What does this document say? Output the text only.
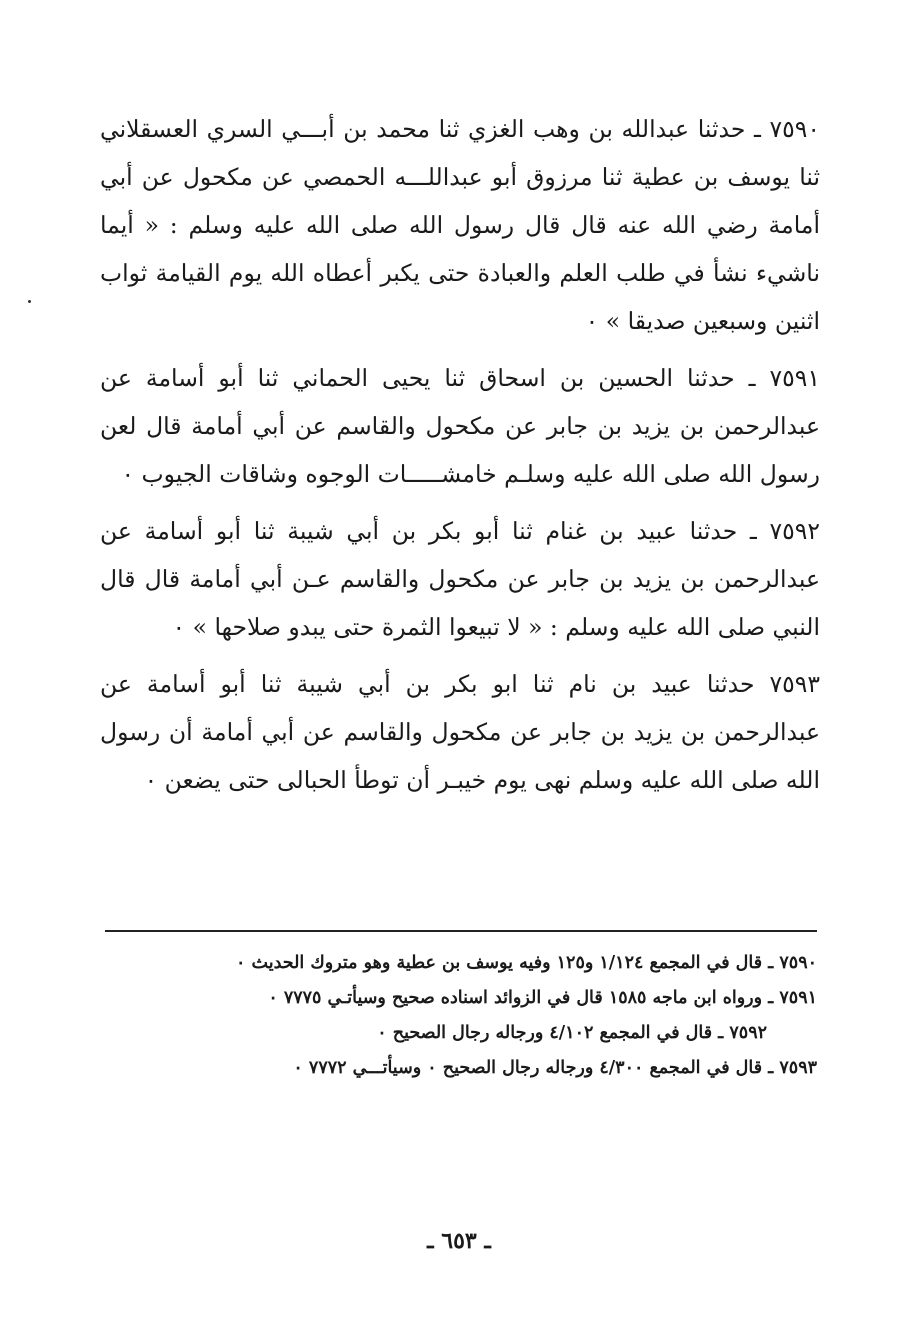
٧٥٩٠ ـ حدثنا عبدالله بن وهب الغزي ثنا محمد بن أبـــي السري العسقلاني ثنا يوسف بن عطية ثنا مرزوق أبو عبداللـــه الحمصي عن مكحول عن أبي أمامة رضي الله عنه قال قال رسول الله صلى الله عليه وسلم : « أيما ناشيء نشأ في طلب العلم والعبادة حتى يكبر أعطاه الله يوم القيامة ثواب اثنين وسبعين صديقا » ٠

٧٥٩١ ـ حدثنا الحسين بن اسحاق ثنا يحيى الحماني ثنا أبو أسامة عن عبدالرحمن بن يزيد بن جابر عن مكحول والقاسم عن أبي أمامة قال لعن رسول الله صلى الله عليه وسلـم خامشـــــات الوجوه وشاقات الجيوب ٠

٧٥٩٢ ـ حدثنا عبيد بن غنام ثنا أبو بكر بن أبي شيبة ثنا أبو أسامة عن عبدالرحمن بن يزيد بن جابر عن مكحول والقاسم عـن أبي أمامة قال قال النبي صلى الله عليه وسلم : « لا تبيعوا الثمرة حتى يبدو صلاحها » ٠

٧٥٩٣ حدثنا عبيد بن نام ثنا ابو بكر بن أبي شيبة ثنا أبو أسامة عن عبدالرحمن بن يزيد بن جابر عن مكحول والقاسم عن أبي أمامة أن رسول الله صلى الله عليه وسلم نهى يوم خيبـر أن توطأ الحبالى حتى يضعن ٠

٧٥٩٠ ـ قال في المجمع ١/١٢٤ و١٢٥ وفيه يوسف بن عطية وهو متروك الحديث ٠

٧٥٩١ ـ ورواه ابن ماجه ١٥٨٥ قال في الزوائد اسناده صحيح وسيأتـي ٧٧٧٥ ٠

٧٥٩٢ ـ قال في المجمع ٤/١٠٢ ورجاله رجال الصحيح ٠

٧٥٩٣ ـ قال في المجمع ٤/٣٠٠ ورجاله رجال الصحيح ٠ وسيأتـــي ٧٧٧٢ ٠

ـ ٦٥٣ ـ
